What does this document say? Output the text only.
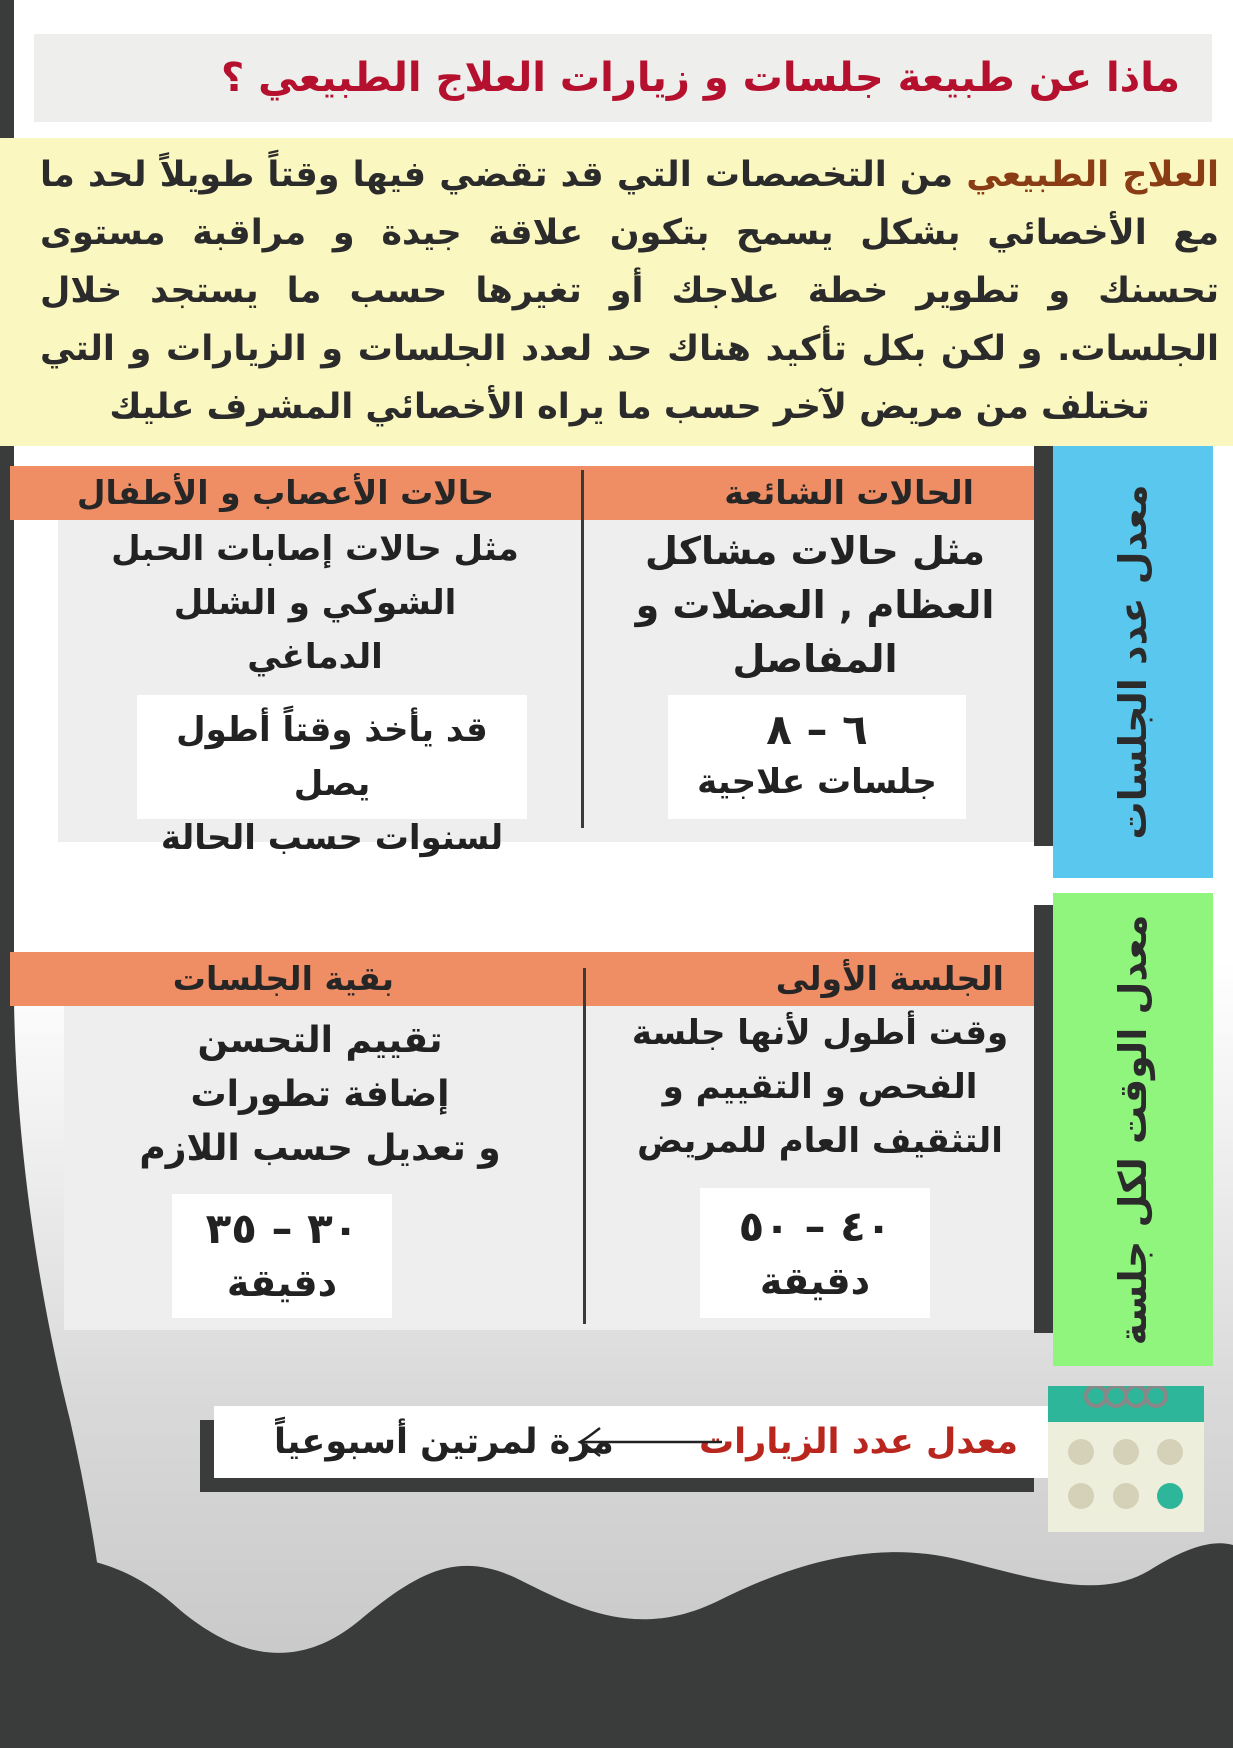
ماذا عن طبيعة جلسات و زيارات العلاج الطبيعي ؟
العلاج الطبيعي من التخصصات التي قد تقضي فيها وقتاً طويلاً لحد ما مع الأخصائي بشكل يسمح بتكون علاقة جيدة و مراقبة مستوى تحسنك و تطوير خطة علاجك أو تغيرها حسب ما يستجد خلال الجلسات. و لكن بكل تأكيد هناك حد لعدد الجلسات و الزيارات و التي تختلف من مريض لآخر حسب ما يراه الأخصائي المشرف عليك
معدل عدد الجلسات
معدل الوقت لكل جلسة
الحالات الشائعة
حالات الأعصاب و الأطفال
مثل حالات مشاكل
العظام , العضلات و
المفاصل
٦ – ٨
جلسات علاجية
مثل حالات إصابات الحبل
الشوكي و الشلل
الدماغي
قد يأخذ وقتاً أطول يصل
لسنوات حسب الحالة
الجلسة الأولى
بقية الجلسات
وقت أطول لأنها جلسة
الفحص و التقييم و
التثقيف العام للمريض
٤٠ – ٥٠
دقيقة
تقييم التحسن
إضافة تطورات
و تعديل حسب اللازم
٣٠ – ٣٥
دقيقة
معدل عدد الزيارات
مرة لمرتين أسبوعياً
